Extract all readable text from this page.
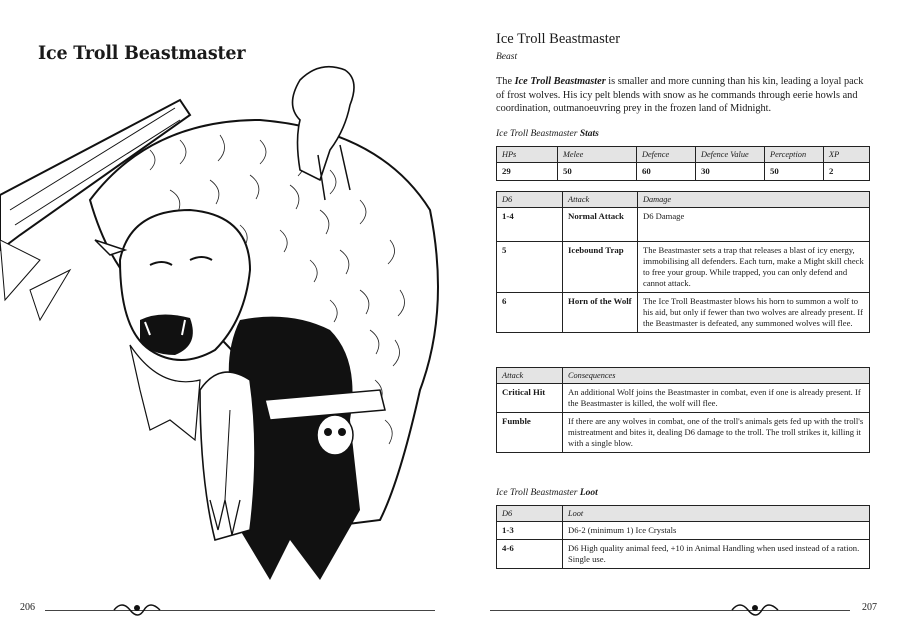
Ice Troll Beastmaster
206
Ice Troll Beastmaster
Beast
The Ice Troll Beastmaster is smaller and more cunning than his kin, leading a loyal pack of frost wolves. His icy pelt blends with snow as he commands through eerie howls and coordination, outmanoeuvring prey in the frozen land of Midnight.
Ice Troll Beastmaster Stats
HPs	Melee	Defence	Defence Value	Perception	XP
29	50	60	30	50	2
D6	Attack	Damage
1-4	Normal Attack	D6 Damage
5	Icebound Trap	The Beastmaster sets a trap that releases a blast of icy energy, immobilising all defenders. Each turn, make a Might skill check to free your group. While trapped, you can only defend and cannot attack.
6	Horn of the Wolf	The Ice Troll Beastmaster blows his horn to summon a wolf to his aid, but only if fewer than two wolves are already present. If the Beastmaster is defeated, any summoned wolves will flee.
Attack	Consequences
Critical Hit	An additional Wolf joins the Beastmaster in combat, even if one is already present. If the Beastmaster is killed, the wolf will flee.
Fumble	If there are any wolves in combat, one of the troll's animals gets fed up with the troll's mistreatment and bites it, dealing D6 damage to the troll. The troll strikes it, killing it with a single blow.
Ice Troll Beastmaster Loot
D6	Loot
1-3	D6-2 (minimum 1) Ice Crystals
4-6	D6 High quality animal feed, +10 in Animal Handling when used instead of a ration. Single use.
207
